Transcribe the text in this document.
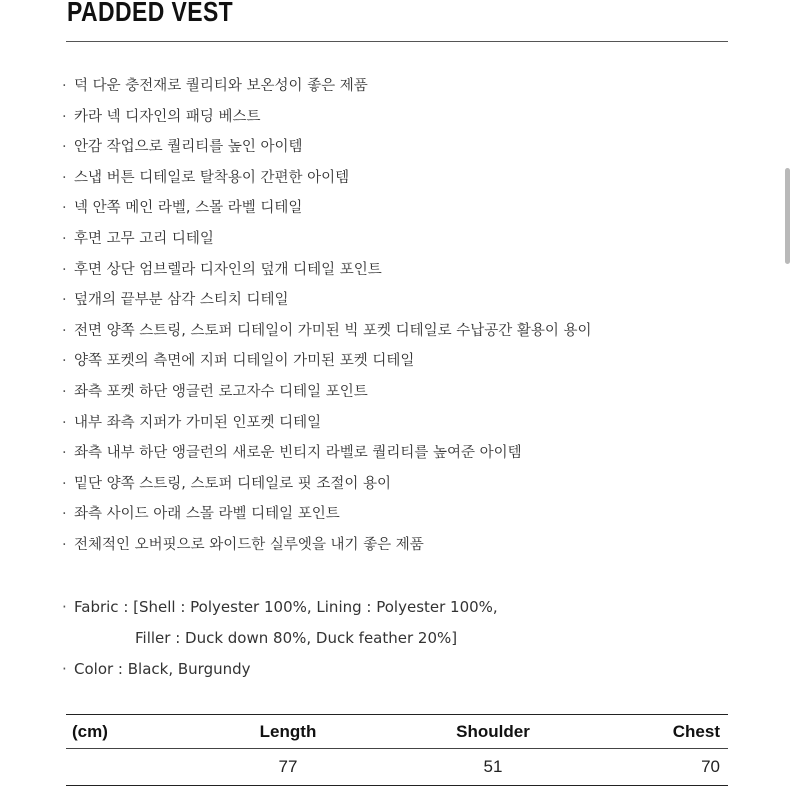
PADDED VEST
· 덕 다운 충전재로 퀄리티와 보온성이 좋은 제품
· 카라 넥 디자인의 패딩 베스트
· 안감 작업으로 퀄리티를 높인 아이템
· 스냅 버튼 디테일로 탈착용이 간편한 아이템
· 넥 안쪽 메인 라벨, 스몰 라벨 디테일
· 후면 고무 고리 디테일
· 후면 상단 엄브렐라 디자인의 덮개 디테일 포인트
· 덮개의 끝부분 삼각 스티치 디테일
· 전면 양쪽 스트링, 스토퍼 디테일이 가미된 빅 포켓 디테일로 수납공간 활용이 용이
· 양쪽 포켓의 측면에 지퍼 디테일이 가미된 포켓 디테일
· 좌측 포켓 하단 앵글런 로고자수 디테일 포인트
· 내부 좌측 지퍼가 가미된 인포켓 디테일
· 좌측 내부 하단 앵글런의 새로운 빈티지 라벨로 퀄리티를 높여준 아이템
· 밑단 양쪽 스트링, 스토퍼 디테일로 핏 조절이 용이
· 좌측 사이드 아래 스몰 라벨 디테일 포인트
· 전체적인 오버핏으로 와이드한 실루엣을 내기 좋은 제품
· Fabric : [Shell : Polyester 100%, Lining : Polyester 100%,
Filler : Duck down 80%, Duck feather 20%]
· Color : Black, Burgundy
(cm)	Length	Shoulder	Chest
	77	51	70
